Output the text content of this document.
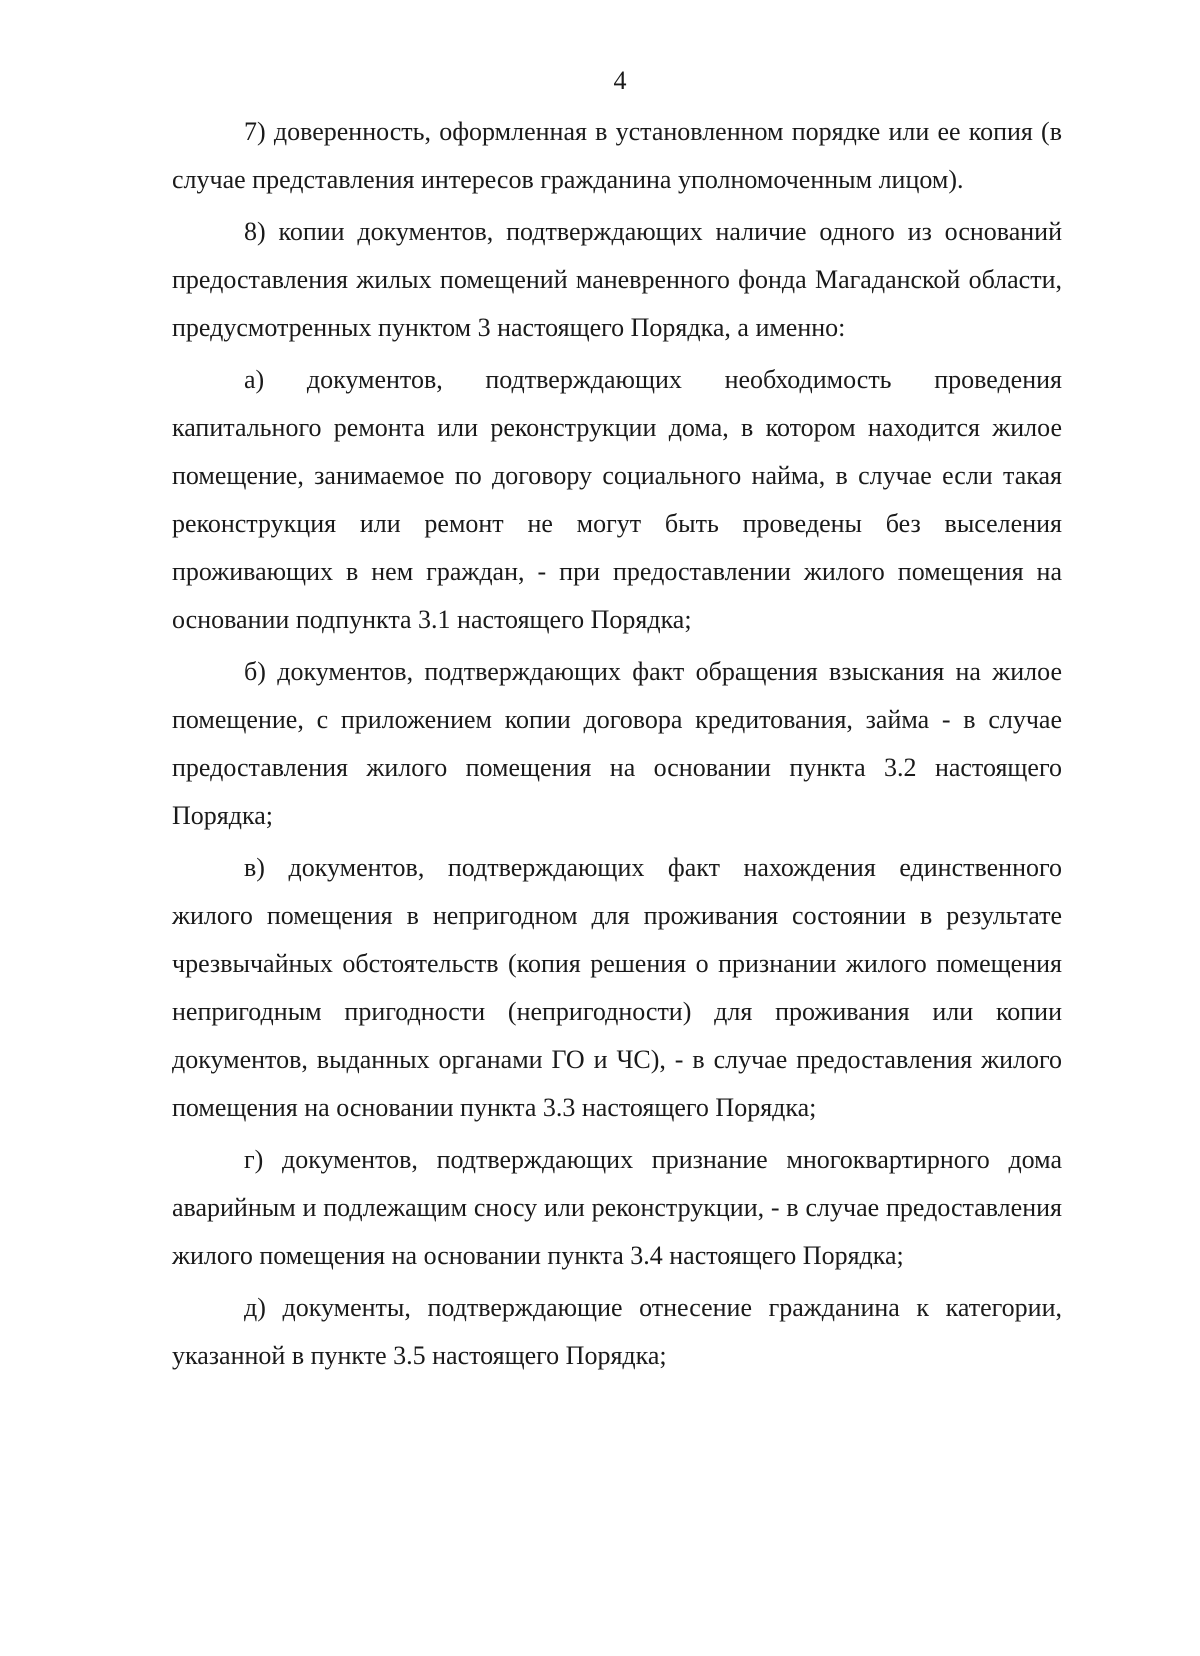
4

7) доверенность, оформленная в установленном порядке или ее копия (в случае представления интересов гражданина уполномоченным лицом).

8) копии документов, подтверждающих наличие одного из оснований предоставления жилых помещений маневренного фонда Магаданской области, предусмотренных пунктом 3 настоящего Порядка, а именно:

а) документов, подтверждающих необходимость проведения капитального ремонта или реконструкции дома, в котором находится жилое помещение, занимаемое по договору социального найма, в случае если такая реконструкция или ремонт не могут быть проведены без выселения проживающих в нем граждан, - при предоставлении жилого помещения на основании подпункта 3.1 настоящего Порядка;

б) документов, подтверждающих факт обращения взыскания на жилое помещение, с приложением копии договора кредитования, займа - в случае предоставления жилого помещения на основании пункта 3.2 настоящего Порядка;

в) документов, подтверждающих факт нахождения единственного жилого помещения в непригодном для проживания состоянии в результате чрезвычайных обстоятельств (копия решения о признании жилого помещения непригодным пригодности (непригодности) для проживания или копии документов, выданных органами ГО и ЧС), - в случае предоставления жилого помещения на основании пункта 3.3 настоящего Порядка;

г) документов, подтверждающих признание многоквартирного дома аварийным и подлежащим сносу или реконструкции, - в случае предоставления жилого помещения на основании пункта 3.4 настоящего Порядка;

д) документы, подтверждающие отнесение гражданина к категории, указанной в пункте 3.5 настоящего Порядка;
